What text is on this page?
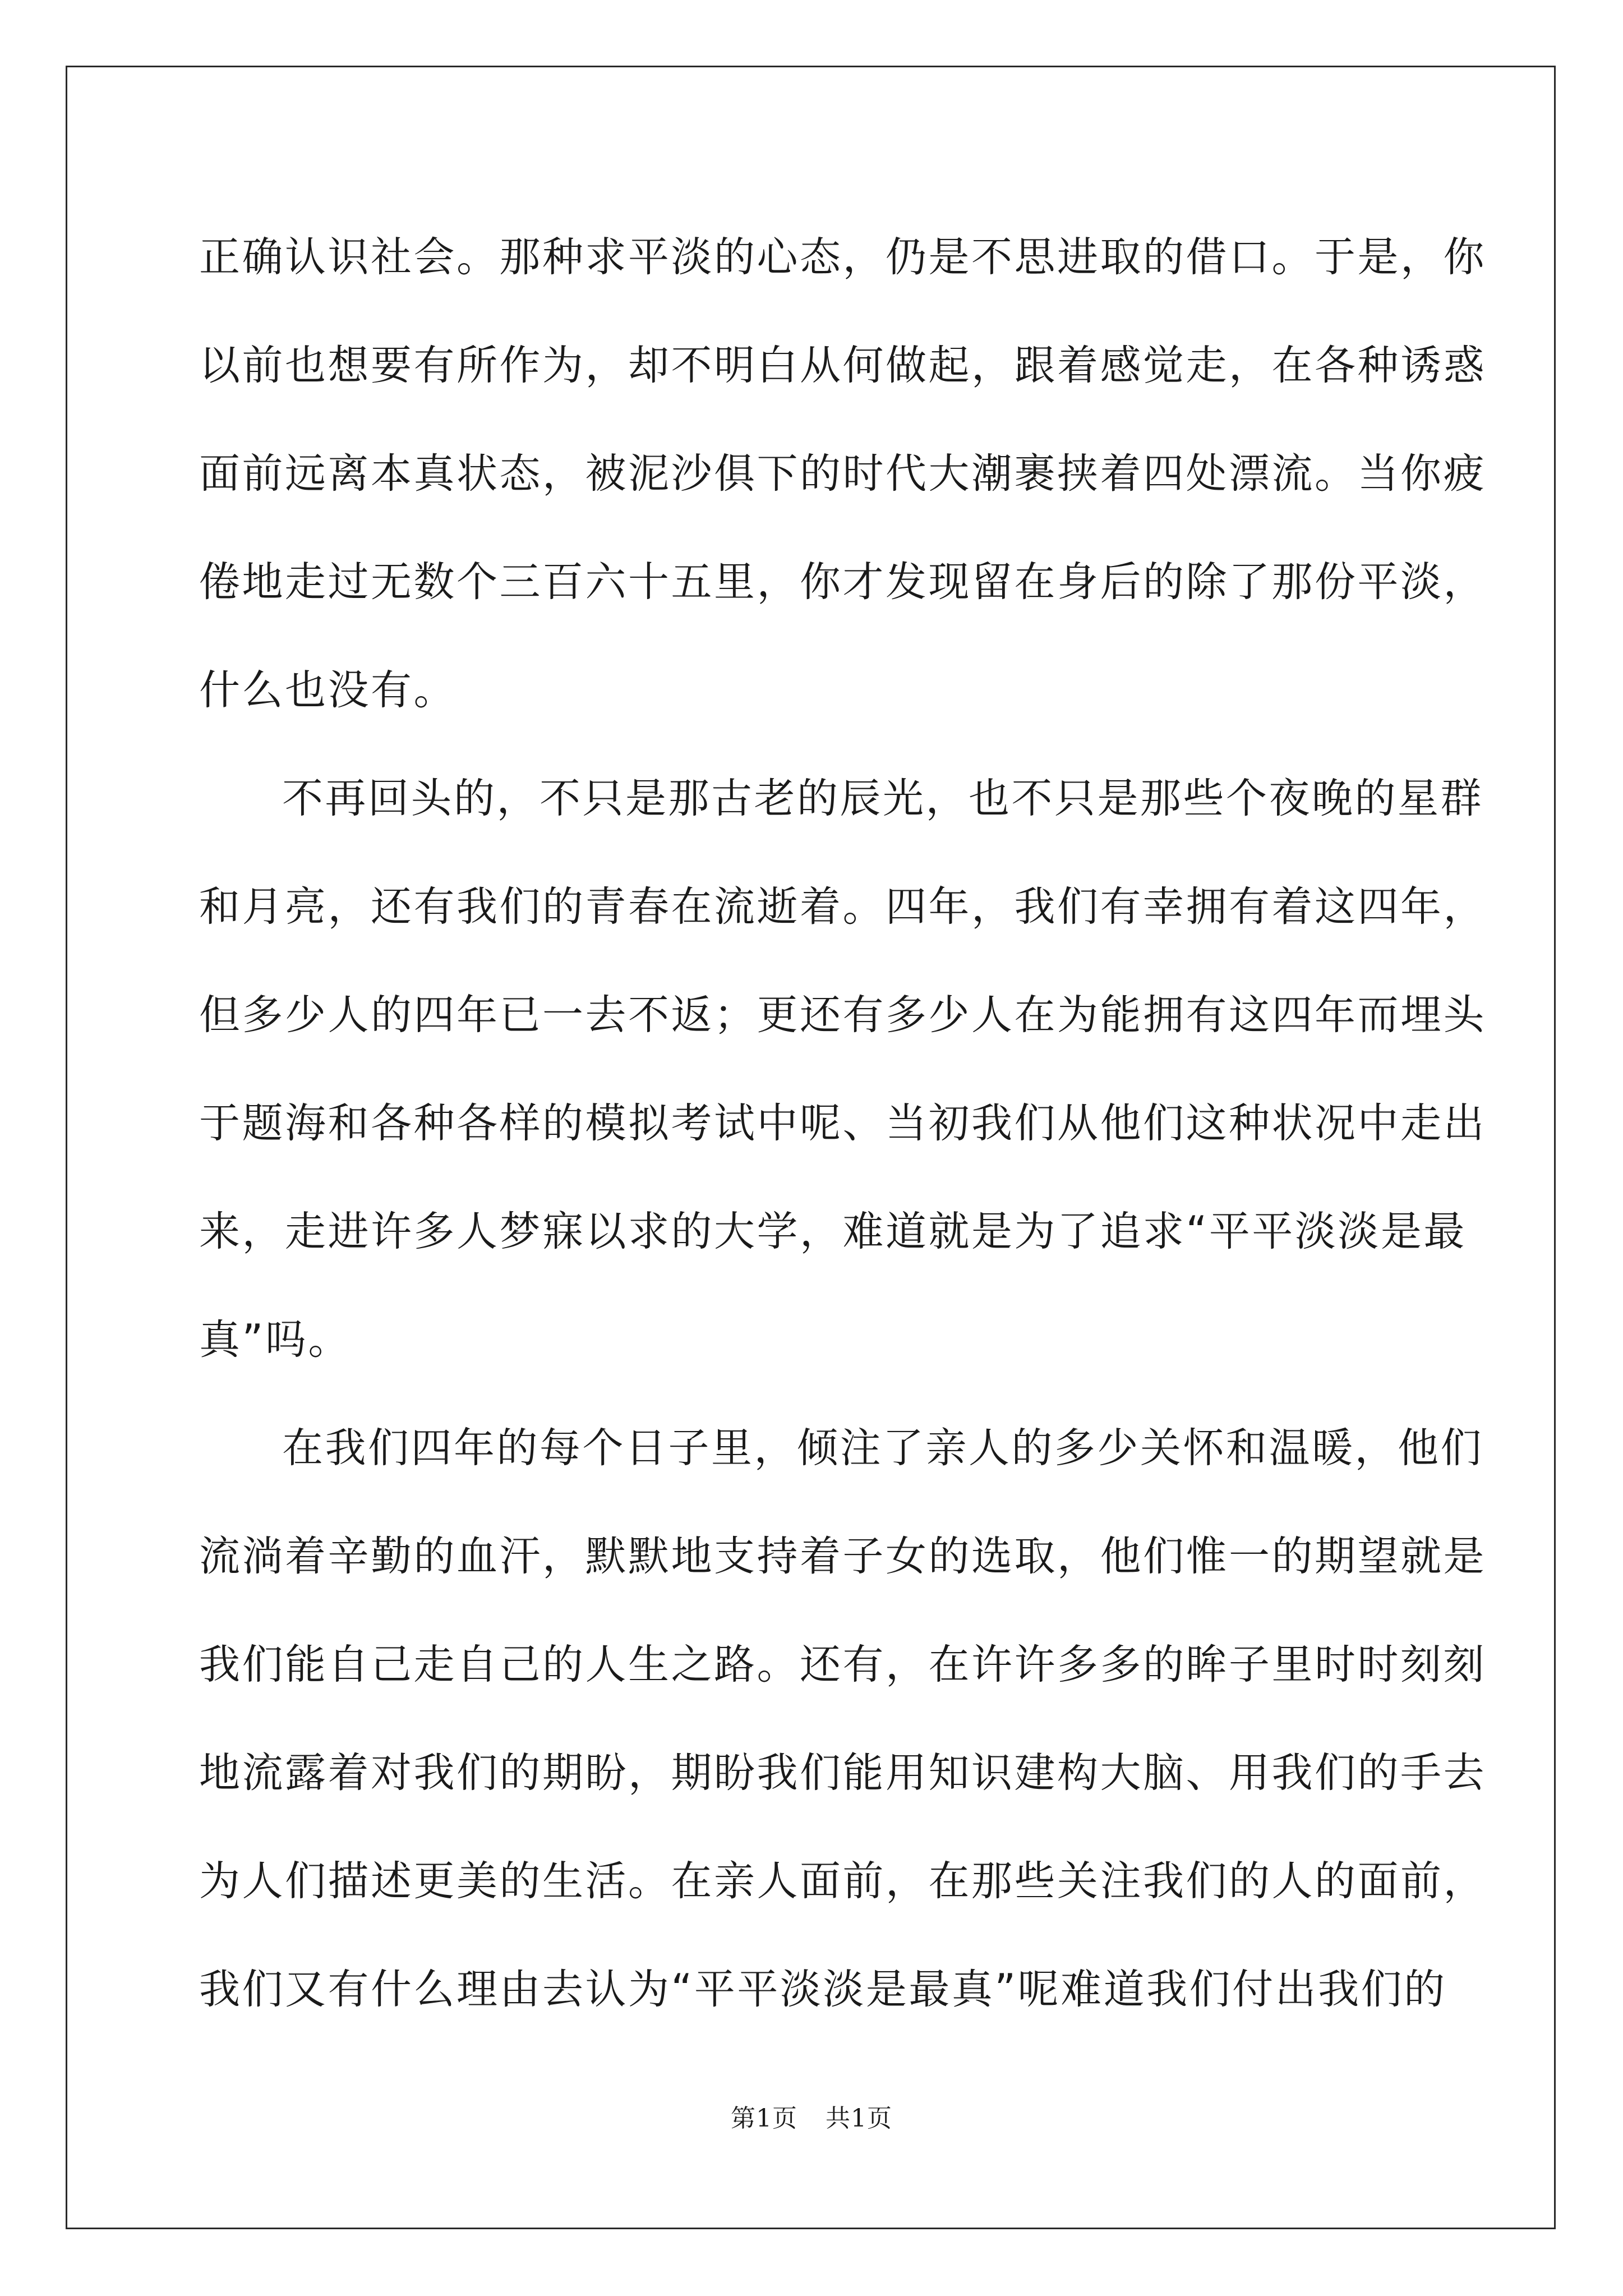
正确认识社会。那种求平淡的心态，仍是不思进取的借口。于是，你
以前也想要有所作为，却不明白从何做起，跟着感觉走，在各种诱惑
面前远离本真状态，被泥沙俱下的时代大潮裹挟着四处漂流。当你疲
倦地走过无数个三百六十五里，你才发现留在身后的除了那份平淡，
什么也没有。
不再回头的，不只是那古老的辰光，也不只是那些个夜晚的星群
和月亮，还有我们的青春在流逝着。四年，我们有幸拥有着这四年，
但多少人的四年已一去不返；更还有多少人在为能拥有这四年而埋头
于题海和各种各样的模拟考试中呢、当初我们从他们这种状况中走出
来，走进许多人梦寐以求的大学，难道就是为了追求“平平淡淡是最
真”吗。
在我们四年的每个日子里，倾注了亲人的多少关怀和温暖，他们
流淌着辛勤的血汗，默默地支持着子女的选取，他们惟一的期望就是
我们能自己走自己的人生之路。还有，在许许多多的眸子里时时刻刻
地流露着对我们的期盼，期盼我们能用知识建构大脑、用我们的手去
为人们描述更美的生活。在亲人面前，在那些关注我们的人的面前，
我们又有什么理由去认为“平平淡淡是最真”呢难道我们付出我们的
第1页 共1页
